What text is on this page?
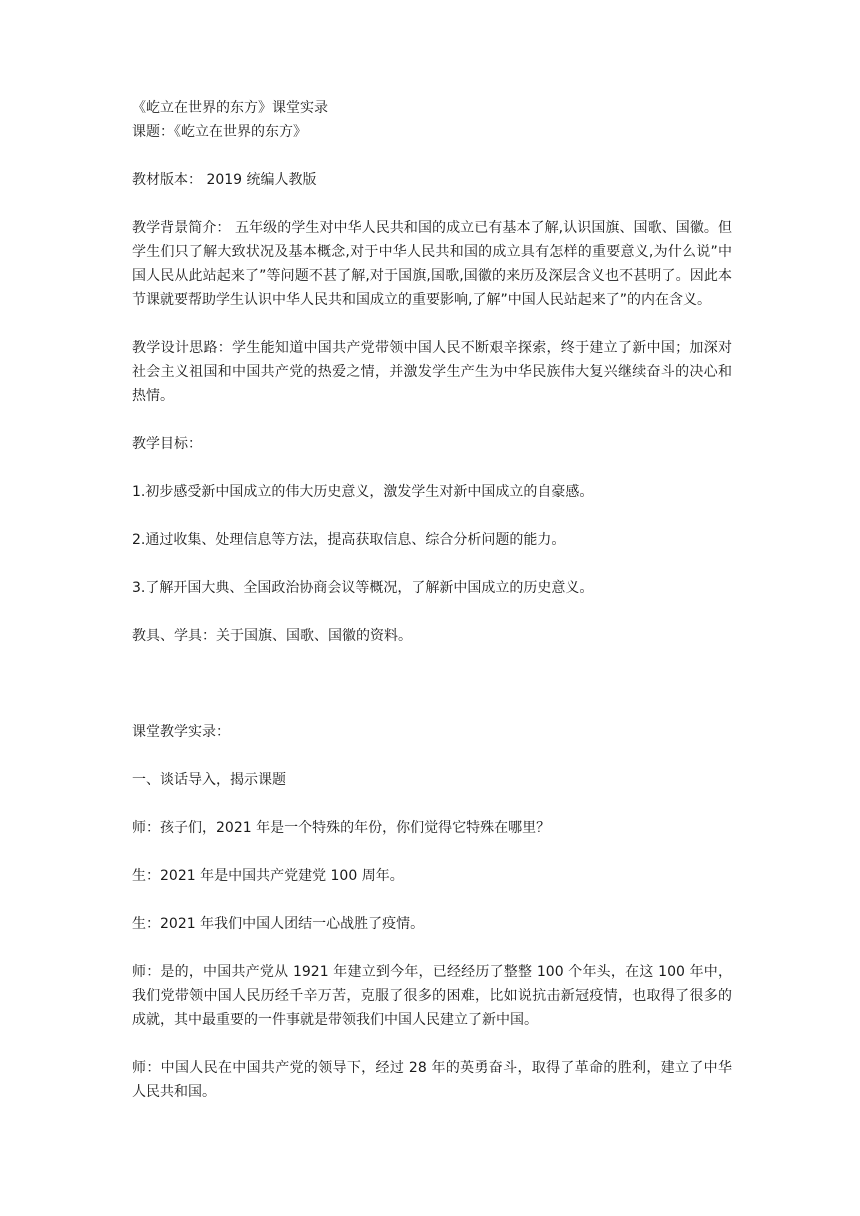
《屹立在世界的东方》课堂实录

课题：《屹立在世界的东方》

教材版本： 2019 统编人教版

教学背景简介： 五年级的学生对中华人民共和国的成立已有基本了解,认识国旗、国歌、国徽。但学生们只了解大致状况及基本概念,对于中华人民共和国的成立具有怎样的重要意义,为什么说”中国人民从此站起来了”等问题不甚了解,对于国旗,国歌,国徽的来历及深层含义也不甚明了。因此本节课就要帮助学生认识中华人民共和国成立的重要影响,了解”中国人民站起来了”的内在含义。

教学设计思路：学生能知道中国共产党带领中国人民不断艰辛探索，终于建立了新中国；加深对社会主义祖国和中国共产党的热爱之情，并激发学生产生为中华民族伟大复兴继续奋斗的决心和热情。

教学目标：

1.初步感受新中国成立的伟大历史意义，激发学生对新中国成立的自豪感。

2.通过收集、处理信息等方法，提高获取信息、综合分析问题的能力。

3.了解开国大典、全国政治协商会议等概况，了解新中国成立的历史意义。

教具、学具：关于国旗、国歌、国徽的资料。

课堂教学实录：

一、谈话导入，揭示课题

师：孩子们，2021 年是一个特殊的年份，你们觉得它特殊在哪里？

生：2021 年是中国共产党建党 100 周年。

生：2021 年我们中国人团结一心战胜了疫情。

师：是的，中国共产党从 1921 年建立到今年，已经经历了整整 100 个年头，在这 100 年中，我们党带领中国人民历经千辛万苦，克服了很多的困难，比如说抗击新冠疫情，也取得了很多的成就，其中最重要的一件事就是带领我们中国人民建立了新中国。

师：中国人民在中国共产党的领导下，经过 28 年的英勇奋斗，取得了革命的胜利，建立了中华人民共和国。
